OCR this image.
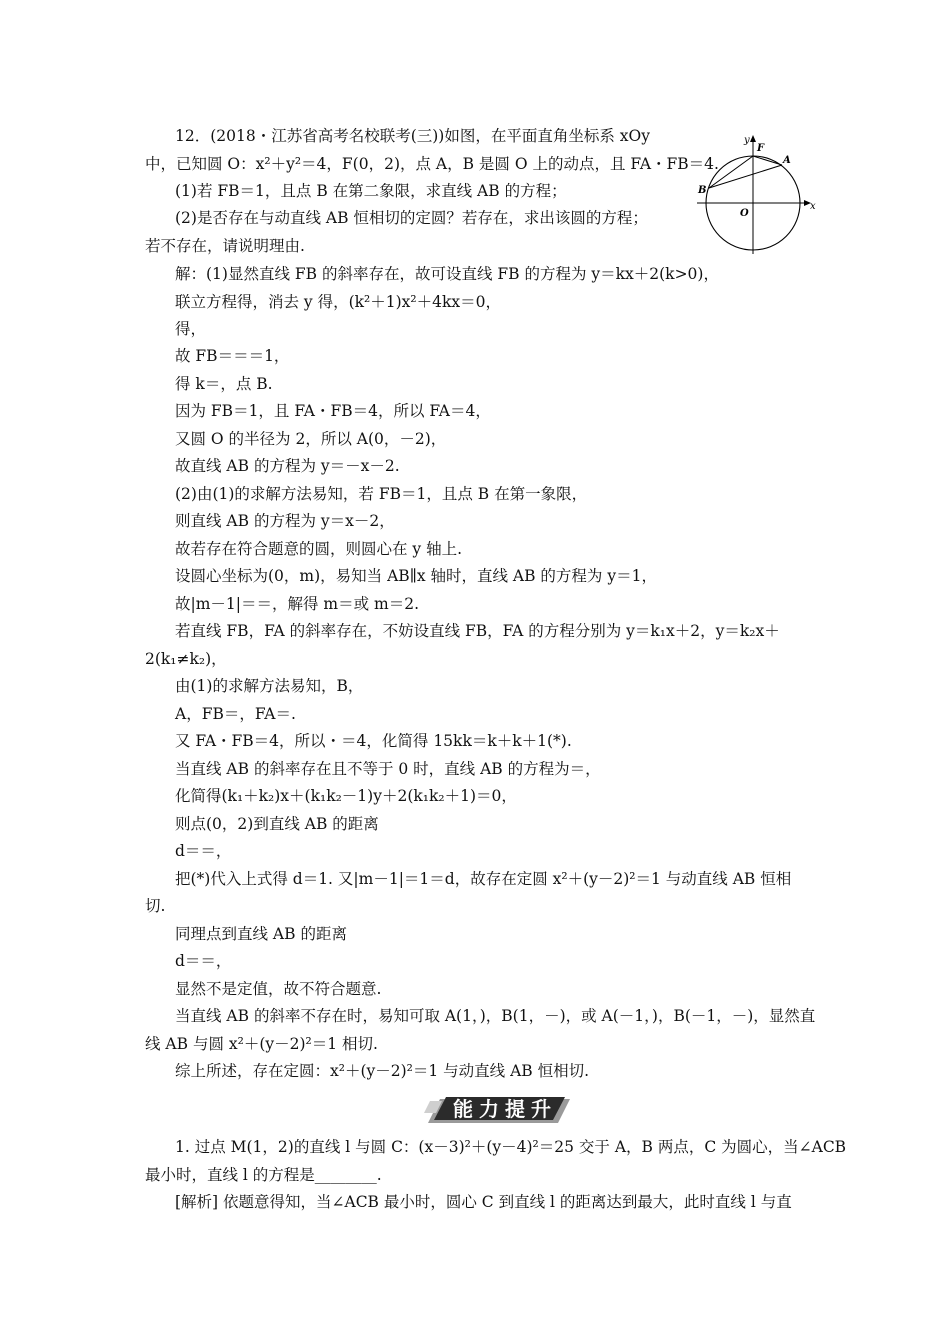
12．(2018・江苏省高考名校联考(三))如图，在平面直角坐标系 xOy
中，已知圆 O：x²＋y²＝4，F(0，2)，点 A，B 是圆 O 上的动点，且 FA・FB＝4.
(1)若 FB＝1，且点 B 在第二象限，求直线 AB 的方程；
(2)是否存在与动直线 AB 恒相切的定圆？若存在，求出该圆的方程；
若不存在，请说明理由.
y
x
F
A
B
O
解：(1)显然直线 FB 的斜率存在，故可设直线 FB 的方程为 y＝kx＋2(k>0)，
联立方程得，消去 y 得，(k²＋1)x²＋4kx＝0，
得，
故 FB＝＝＝1，
得 k＝，点 B.
因为 FB＝1，且 FA・FB＝4，所以 FA＝4，
又圆 O 的半径为 2，所以 A(0，－2)，
故直线 AB 的方程为 y＝－x－2.
(2)由(1)的求解方法易知，若 FB＝1，且点 B 在第一象限，
则直线 AB 的方程为 y＝x－2，
故若存在符合题意的圆，则圆心在 y 轴上.
设圆心坐标为(0，m)，易知当 AB∥x 轴时，直线 AB 的方程为 y＝1，
故|m－1|＝＝，解得 m＝或 m＝2.
若直线 FB，FA 的斜率存在，不妨设直线 FB，FA 的方程分别为 y＝k₁x＋2，y＝k₂x＋
2(k₁≠k₂)，
由(1)的求解方法易知，B，
A，FB＝，FA＝.
又 FA・FB＝4，所以・＝4，化简得 15kk＝k＋k＋1(*).
当直线 AB 的斜率存在且不等于 0 时，直线 AB 的方程为＝，
化简得(k₁＋k₂)x＋(k₁k₂－1)y＋2(k₁k₂＋1)＝0，
则点(0，2)到直线 AB 的距离
d＝＝，
把(*)代入上式得 d＝1. 又|m－1|＝1＝d，故存在定圆 x²＋(y－2)²＝1 与动直线 AB 恒相
切.
同理点到直线 AB 的距离
d＝＝，
显然不是定值，故不符合题意.
当直线 AB 的斜率不存在时，易知可取 A(1，)，B(1，－)，或 A(－1，)，B(－1，－)，显然直
线 AB 与圆 x²＋(y－2)²＝1 相切.
综上所述，存在定圆：x²＋(y－2)²＝1 与动直线 AB 恒相切.
能力提升
1. 过点 M(1，2)的直线 l 与圆 C：(x－3)²＋(y－4)²＝25 交于 A，B 两点，C 为圆心，当∠ACB
最小时，直线 l 的方程是________.
[解析] 依题意得知，当∠ACB 最小时，圆心 C 到直线 l 的距离达到最大，此时直线 l 与直
